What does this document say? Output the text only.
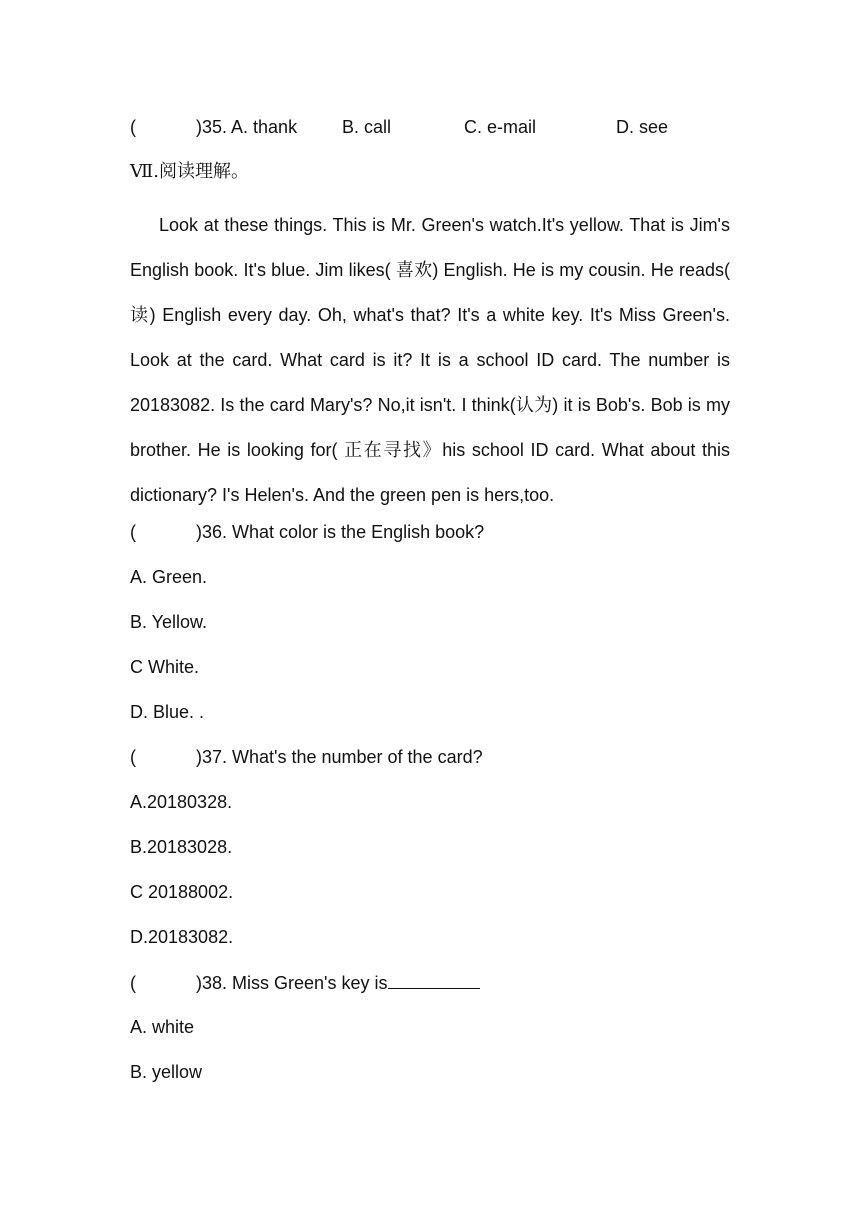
(            )35. A. thank B. call	C. e-mail	D. see
Ⅶ.阅读理解。

Look at these things. This is Mr. Green's watch.It's yellow. That is Jim's English book. It's blue. Jim likes( 喜欢) English. He is my cousin. He reads( 读) English every day. Oh, what's that? It's a white key. It's Miss Green's. Look at the card. What card is it? It is a school ID card. The number is 20183082. Is the card Mary's? No,it isn't. I think(认为) it is Bob's. Bob is my brother. He is looking for( 正在寻找》his school ID card. What about this dictionary? I's Helen's. And the green pen is hers,too.

(            )36. What color is the English book?
A. Green.
B. Yellow.
C White.
D. Blue. .
(            )37. What's the number of the card?
A.20180328.
B.20183028.
C 20188002.
D.20183082.
(            )38. Miss Green's key is
A. white
B. yellow
